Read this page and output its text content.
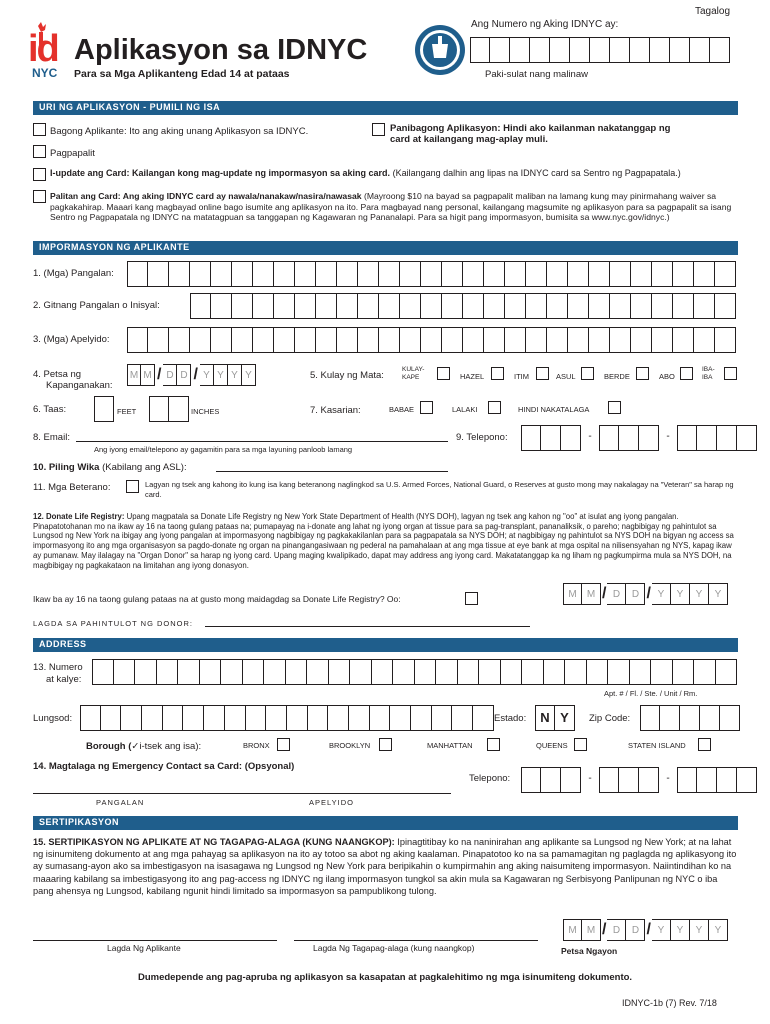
Tagalog
id
NYC
Aplikasyon sa IDNYC
Para sa Mga Aplikanteng Edad 14 at pataas
Ang Numero ng Aking IDNYC ay:
Paki-sulat nang malinaw
URI NG APLIKASYON - PUMILI NG ISA
Bagong Aplikante: Ito ang aking unang Aplikasyon sa IDNYC.	Panibagong Aplikasyon: Hindi ako kailanman nakatanggap ng card at kailangang mag-aplay muli.
Pagpapalit
I-update ang Card: Kailangan kong mag-update ng impormasyon sa aking card. (Kailangang dalhin ang lipas na IDNYC card sa Sentro ng Pagpapatala.)
Palitan ang Card: Ang aking IDNYC card ay nawala/nanakaw/nasira/nawasak (Mayroong $10 na bayad sa pagpapalit maliban na lamang kung may pinirmahang waiver sa pagkakahirap. Maaari kang magbayad online bago isumite ang aplikasyon na ito. Para magbayad nang personal, kailangang magsumite ng aplikasyon para sa pagpapalit sa isang Sentro ng Pagpapatala ng IDNYC na matatagpuan sa tanggapan ng Kagawaran ng Pananalapi. Para sa higit pang impormasyon, bumisita sa www.nyc.gov/idnyc.)
IMPORMASYON NG APLIKANTE
1. (Mga) Pangalan:
2. Gitnang Pangalan o Inisyal:
3. (Mga) Apelyido:
4. Petsa ng
Kapanganakan:
M M / D D / Y Y Y Y	5. Kulay ng Mata:
KULAY-KAPE	HAZEL	ITIM	ASUL	BERDE	ABO
IBA-IBA
6. Taas:	FEET	INCHES	7. Kasarian:	BABAE	LALAKI	HINDI NAKATALAGA
8. Email:
Ang iyong email/telepono ay gagamitin para sa mga layuning panloob lamang
9. Telepono:	-	-
10. Piling Wika (Kabilang ang ASL):
11. Mga Beterano:	Lagyan ng tsek ang kahong ito kung isa kang beteranong naglingkod sa U.S. Armed Forces, National Guard, o Reserves at gusto mong may nakalagay na "Veteran" sa harap ng card.
12. Donate Life Registry: Upang magpatala sa Donate Life Registry ng New York State Department of Health (NYS DOH), lagyan ng tsek ang kahon ng "oo" at isulat ang iyong pangalan. Pinapatotohanan mo na ikaw ay 16 na taong gulang pataas na; pumapayag na i-donate ang lahat ng iyong organ at tissue para sa pag-transplant, pananaliksik, o pareho; nagbibigay ng pahintulot sa Lungsod ng New York na ibigay ang iyong pangalan at impormasyong nagbibigay ng pagkakakilanlan para sa pagpapatala sa NYS DOH; at nagbibigay ng pahintulot sa NYS DOH na bigyan ng access sa impormasyong ito ang mga organisasyon sa pagdo-donate ng organ na pinangangasiwaan ng pederal na pamahalaan at ang mga tissue at eye bank at mga ospital na nilisensyahan ng NYS, kapag ikaw ay pumanaw. May ilalagay na "Organ Donor" sa harap ng iyong card. Upang maging kwalipikado, dapat may address ang iyong card. Makatatanggap ka ng liham ng pagkumpirma mula sa NYS DOH, na magbibigay ng pagkakataon na limitahan ang iyong donasyon.
Ikaw ba ay 16 na taong gulang pataas na at gusto mong maidagdag sa Donate Life Registry? Oo:	M	M / D	D / Y	Y	Y	Y
LAGDA SA PAHINTULOT NG DONOR:
ADDRESS
13. Numero
at kalye:
Apt. # / Fl. / Ste. / Unit / Rm.
Lungsod:	Estado:	N Y	Zip Code:
Borough (✓i-tsek ang isa):	BRONX	BROOKLYN	MANHATTAN	QUEENS	STATEN ISLAND
14. Magtalaga ng Emergency Contact sa Card: (Opsyonal)
Telepono:	-	-
PANGALAN	APELYIDO
SERTIPIKASYON
15. SERTIPIKASYON NG APLIKATE AT NG TAGAPAG-ALAGA (KUNG NAANGKOP): Ipinagtitibay ko na naninirahan ang aplikante sa Lungsod ng New York; at na lahat ng isinumiteng dokumento at ang mga pahayag sa aplikasyon na ito ay totoo sa abot ng aking kaalaman. Pinapatotoo ko na sa pamamagitan ng paglagda ng aplikasyong ito ay sumasang-ayon ako sa imbestigasyon na isasagawa ng Lungsod ng New York para beripikahin o kumpirmahin ang aking naisumiteng impormasyon. Naiintindihan ko na maaaring kabilang sa imbestigasyong ito ang pag-access ng IDNYC ng ilang impormasyon tungkol sa akin mula sa Kagawaran ng Serbisyong Panlipunan ng NYC o iba pang ahensya ng Lungsod, kabilang ngunit hindi limitado sa impormasyon sa pampublikong tulong.
Lagda Ng Aplikante	Lagda Ng Tagapag-alaga (kung naangkop)
M	M / D	D / Y	Y	Y	Y
Petsa Ngayon
Dumedepende ang pag-apruba ng aplikasyon sa kasapatan at pagkalehitimo ng mga isinumiteng dokumento.
IDNYC-1b (7) Rev. 7/18
